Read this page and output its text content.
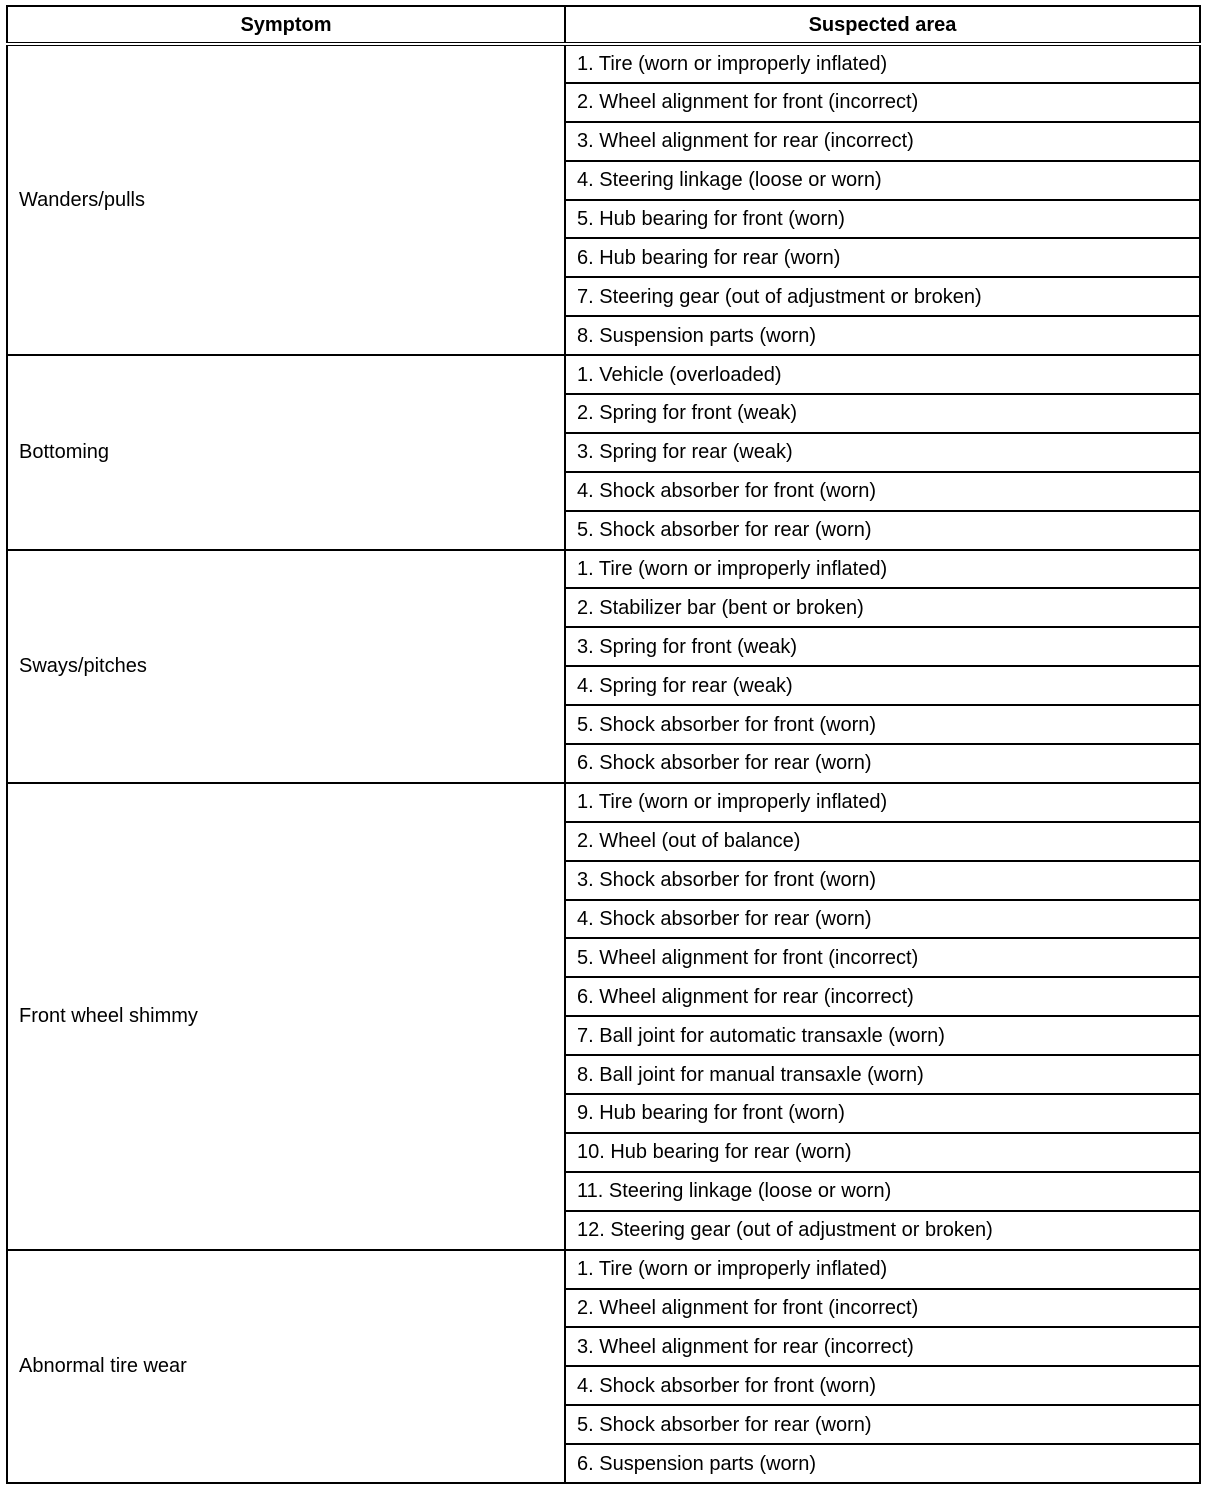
Symptom	Suspected area
Wanders/pulls	1. Tire (worn or improperly inflated)
	2. Wheel alignment for front (incorrect)
	3. Wheel alignment for rear (incorrect)
	4. Steering linkage (loose or worn)
	5. Hub bearing for front (worn)
	6. Hub bearing for rear (worn)
	7. Steering gear (out of adjustment or broken)
	8. Suspension parts (worn)
Bottoming	1. Vehicle (overloaded)
	2. Spring for front (weak)
	3. Spring for rear (weak)
	4. Shock absorber for front (worn)
	5. Shock absorber for rear (worn)
Sways/pitches	1. Tire (worn or improperly inflated)
	2. Stabilizer bar (bent or broken)
	3. Spring for front (weak)
	4. Spring for rear (weak)
	5. Shock absorber for front (worn)
	6. Shock absorber for rear (worn)
Front wheel shimmy	1. Tire (worn or improperly inflated)
	2. Wheel (out of balance)
	3. Shock absorber for front (worn)
	4. Shock absorber for rear (worn)
	5. Wheel alignment for front (incorrect)
	6. Wheel alignment for rear (incorrect)
	7. Ball joint for automatic transaxle (worn)
	8. Ball joint for manual transaxle (worn)
	9. Hub bearing for front (worn)
	10. Hub bearing for rear (worn)
	11. Steering linkage (loose or worn)
	12. Steering gear (out of adjustment or broken)
Abnormal tire wear	1. Tire (worn or improperly inflated)
	2. Wheel alignment for front (incorrect)
	3. Wheel alignment for rear (incorrect)
	4. Shock absorber for front (worn)
	5. Shock absorber for rear (worn)
	6. Suspension parts (worn)
